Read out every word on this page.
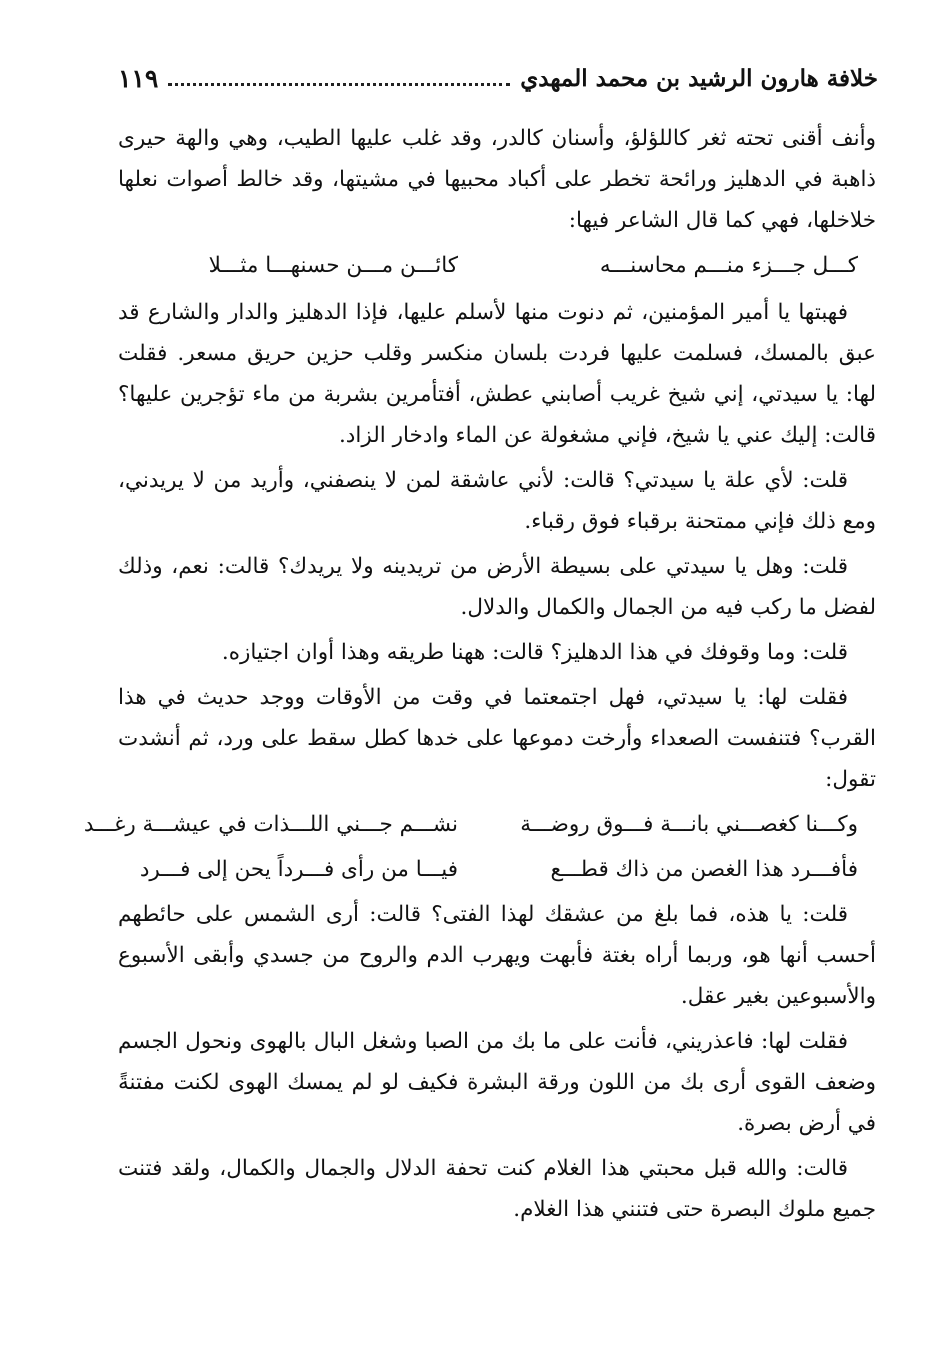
خلافة هارون الرشيد بن محمد المهدي
١١٩

وأنف أقنى تحته ثغر كاللؤلؤ، وأسنان كالدر، وقد غلب عليها الطيب، وهي والهة حيرى ذاهبة في الدهليز ورائحة تخطر على أكباد محبيها في مشيتها، وقد خالط أصوات نعلها خلاخلها، فهي كما قال الشاعر فيها:

كـــل جـــزء منـــم محاسنـــه
كائـــن مـــن حسنهـــا مثـــلا

فهبتها يا أمير المؤمنين، ثم دنوت منها لأسلم عليها، فإذا الدهليز والدار والشارع قد عبق بالمسك، فسلمت عليها فردت بلسان منكسر وقلب حزين حريق مسعر. فقلت لها: يا سيدتي، إني شيخ غريب أصابني عطش، أفتأمرين بشربة من ماء تؤجرين عليها؟ قالت: إليك عني يا شيخ، فإني مشغولة عن الماء وادخار الزاد.

قلت: لأي علة يا سيدتي؟ قالت: لأني عاشقة لمن لا ينصفني، وأريد من لا يريدني، ومع ذلك فإني ممتحنة برقباء فوق رقباء.

قلت: وهل يا سيدتي على بسيطة الأرض من تريدينه ولا يريدك؟ قالت: نعم، وذلك لفضل ما ركب فيه من الجمال والكمال والدلال.

قلت: وما وقوفك في هذا الدهليز؟ قالت: ههنا طريقه وهذا أوان اجتيازه.

فقلت لها: يا سيدتي، فهل اجتمعتما في وقت من الأوقات ووجد حديث في هذا القرب؟ فتنفست الصعداء وأرخت دموعها على خدها كطل سقط على ورد، ثم أنشدت تقول:

وكـــنا كغصـــني بانـــة فـــوق روضـــة
نشـــم جـــني اللـــذات في عيشـــة رغـــد
فأفـــرد هذا الغصن من ذاك قطـــع
فيـــا من رأى فـــرداً يحن إلى فـــرد

قلت: يا هذه، فما بلغ من عشقك لهذا الفتى؟ قالت: أرى الشمس على حائطهم أحسب أنها هو، وربما أراه بغتة فأبهت ويهرب الدم والروح من جسدي وأبقى الأسبوع والأسبوعين بغير عقل.

فقلت لها: فاعذريني، فأنت على ما بك من الصبا وشغل البال بالهوى ونحول الجسم وضعف القوى أرى بك من اللون ورقة البشرة فكيف لو لم يمسك الهوى لكنت مفتنةً في أرض بصرة.

قالت: والله قبل محبتي هذا الغلام كنت تحفة الدلال والجمال والكمال، ولقد فتنت جميع ملوك البصرة حتى فتنني هذا الغلام.
